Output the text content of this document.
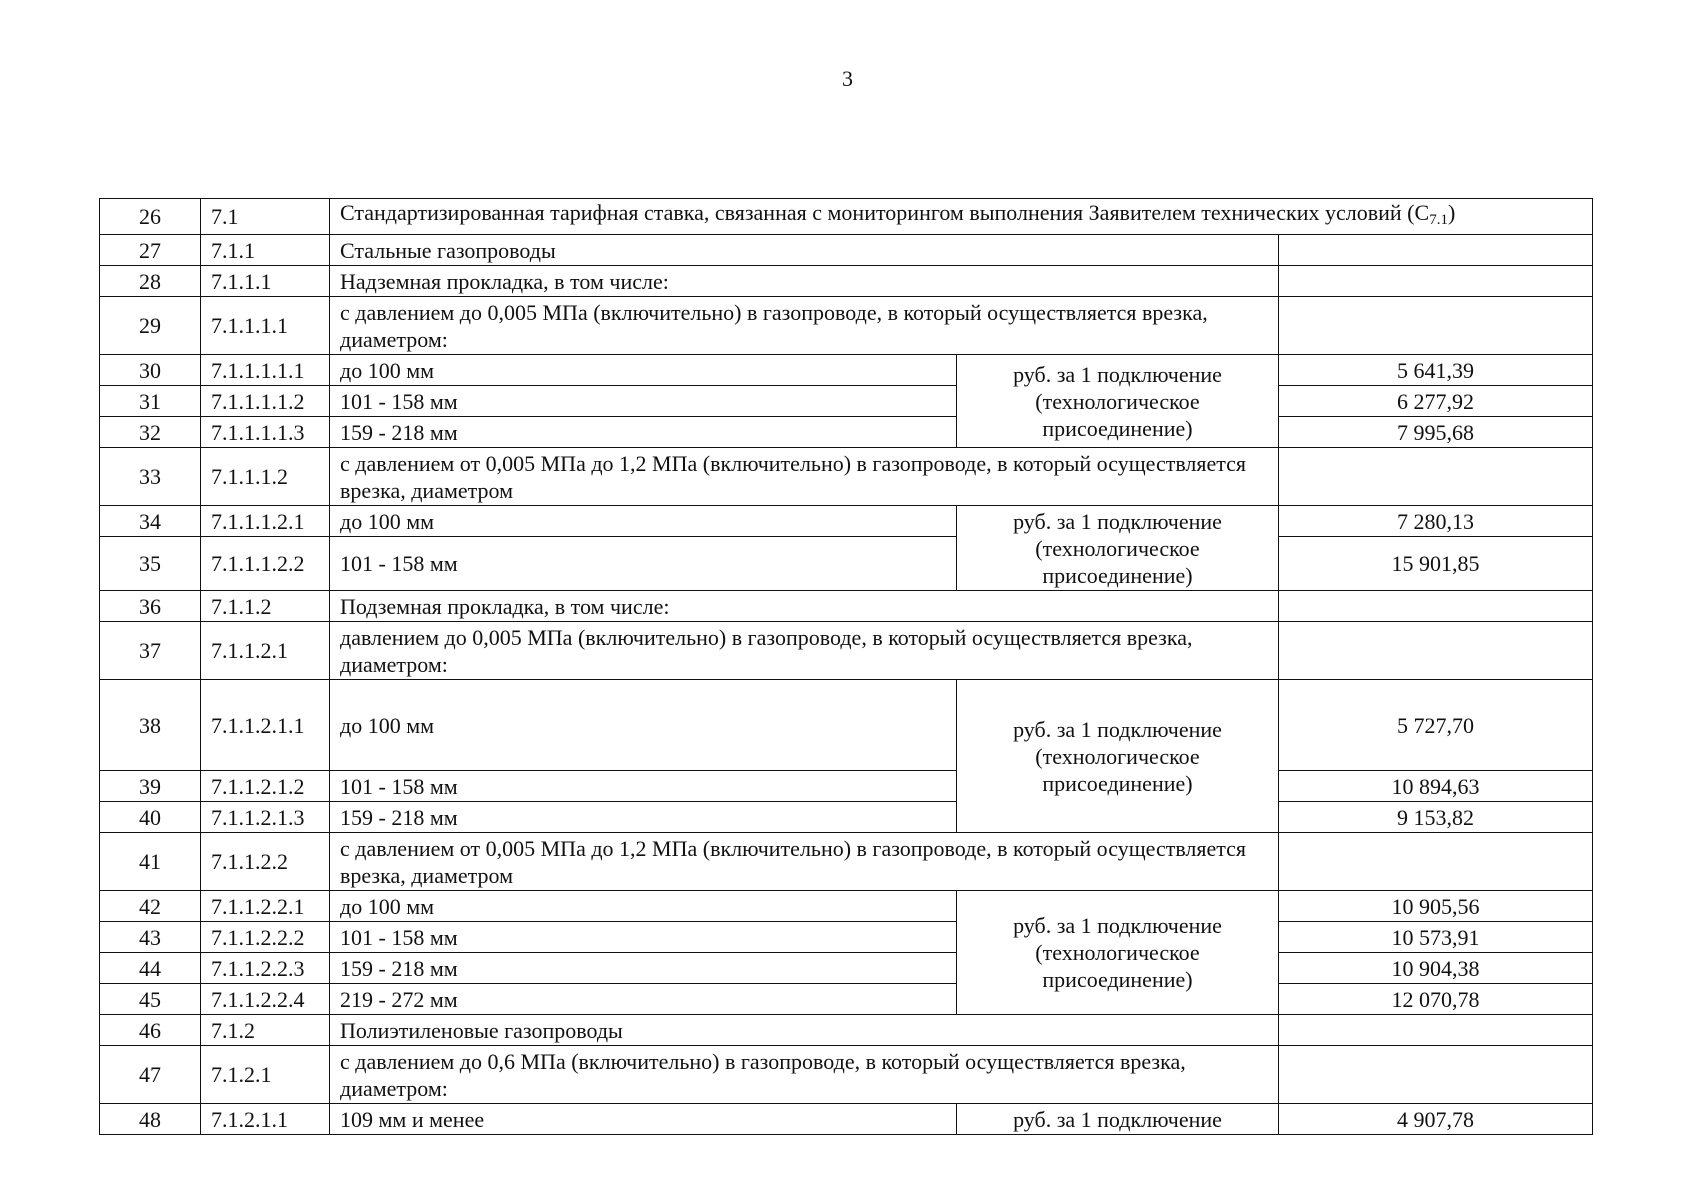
3
26	7.1	Стандартизированная тарифная ставка, связанная с мониторингом выполнения Заявителем технических условий $(C_{7.1})$		
27	7.1.1	Стальные газопроводы		
28	7.1.1.1	Надземная прокладка, в том числе:		
29	7.1.1.1.1	с давлением до 0,005 МПа (включительно) в газопроводе, в который осуществляется врезка, диаметром:		
30	7.1.1.1.1.1	до 100 мм	руб. за 1 подключение (технологическое присоединение)	5 641,39
31	7.1.1.1.1.2	101 - 158 мм		6 277,92
32	7.1.1.1.1.3	159 - 218 мм		7 995,68
33	7.1.1.1.2	с давлением от 0,005 МПа до 1,2 МПа (включительно) в газопроводе, в который осуществляется врезка, диаметром		
34	7.1.1.1.2.1	до 100 мм	руб. за 1 подключение (технологическое присоединение)	7 280,13
35	7.1.1.1.2.2	101 - 158 мм		15 901,85
36	7.1.1.2	Подземная прокладка, в том числе:		
37	7.1.1.2.1	давлением до 0,005 МПа (включительно) в газопроводе, в который осуществляется врезка, диаметром:		
38	7.1.1.2.1.1	до 100 мм	руб. за 1 подключение (технологическое присоединение)	5 727,70
39	7.1.1.2.1.2	101 - 158 мм		10 894,63
40	7.1.1.2.1.3	159 - 218 мм		9 153,82
41	7.1.1.2.2	с давлением от 0,005 МПа до 1,2 МПа (включительно) в газопроводе, в который осуществляется врезка, диаметром		
42	7.1.1.2.2.1	до 100 мм	руб. за 1 подключение (технологическое присоединение)	10 905,56
43	7.1.1.2.2.2	101 - 158 мм		10 573,91
44	7.1.1.2.2.3	159 - 218 мм		10 904,38
45	7.1.1.2.2.4	219 - 272 мм		12 070,78
46	7.1.2	Полиэтиленовые газопроводы		
47	7.1.2.1	с давлением до 0,6 МПа (включительно) в газопроводе, в который осуществляется врезка, диаметром:		
48	7.1.2.1.1	109 мм и менее	руб. за 1 подключение	4 907,78
